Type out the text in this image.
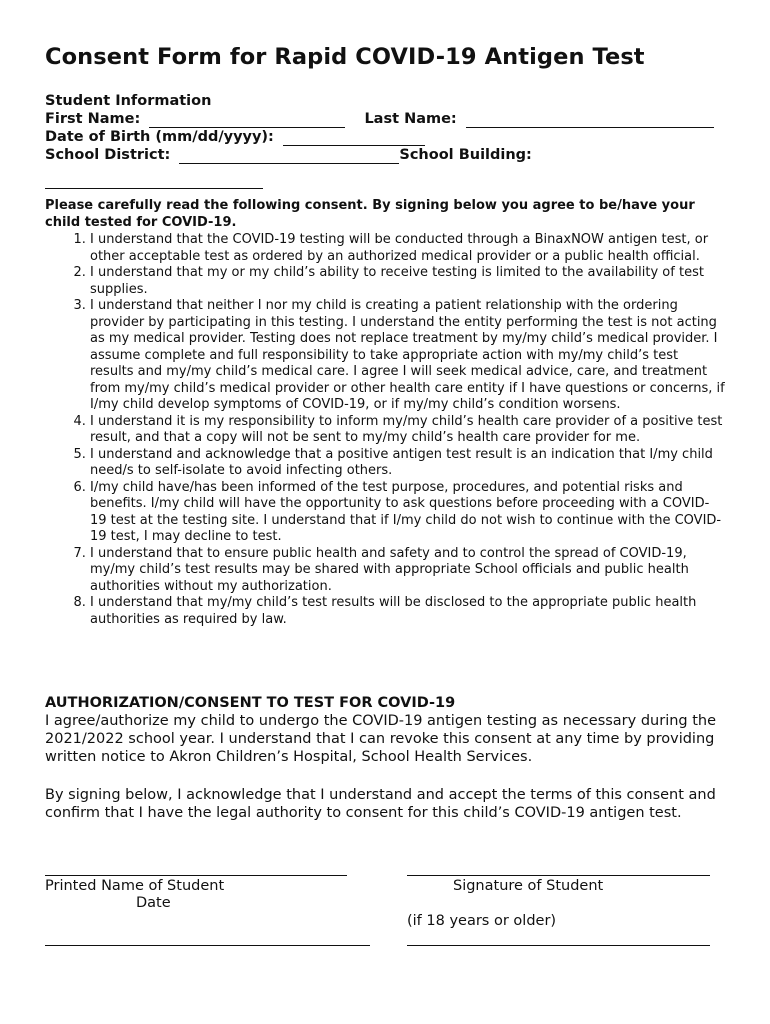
Consent Form for Rapid COVID-19 Antigen Test
Student Information
First Name:	Last Name:
Date of Birth (mm/dd/yyyy):
School District:	School Building:
Please carefully read the following consent. By signing below you agree to be/have your child tested for COVID-19.
1. I understand that the COVID-19 testing will be conducted through a BinaxNOW antigen test, or other acceptable test as ordered by an authorized medical provider or a public health official.
2. I understand that my or my child’s ability to receive testing is limited to the availability of test supplies.
3. I understand that neither I nor my child is creating a patient relationship with the ordering provider by participating in this testing. I understand the entity performing the test is not acting as my medical provider. Testing does not replace treatment by my/my child’s medical provider. I assume complete and full responsibility to take appropriate action with my/my child’s test results and my/my child’s medical care. I agree I will seek medical advice, care, and treatment from my/my child’s medical provider or other health care entity if I have questions or concerns, if I/my child develop symptoms of COVID-19, or if my/my child’s condition worsens.
4. I understand it is my responsibility to inform my/my child’s health care provider of a positive test result, and that a copy will not be sent to my/my child’s health care provider for me.
5. I understand and acknowledge that a positive antigen test result is an indication that I/my child need/s to self-isolate to avoid infecting others.
6. I/my child have/has been informed of the test purpose, procedures, and potential risks and benefits. I/my child will have the opportunity to ask questions before proceeding with a COVID-19 test at the testing site. I understand that if I/my child do not wish to continue with the COVID-19 test, I may decline to test.
7. I understand that to ensure public health and safety and to control the spread of COVID-19, my/my child’s test results may be shared with appropriate School officials and public health authorities without my authorization.
8. I understand that my/my child’s test results will be disclosed to the appropriate public health authorities as required by law.
AUTHORIZATION/CONSENT TO TEST FOR COVID-19

I agree/authorize my child to undergo the COVID-19 antigen testing as necessary during the 2021/2022 school year. I understand that I can revoke this consent at any time by providing written notice to Akron Children’s Hospital, School Health Services.

By signing below, I acknowledge that I understand and accept the terms of this consent and confirm that I have the legal authority to consent for this child’s COVID-19 antigen test.

Printed Name of Student	Signature of Student
Date
(if 18 years or older)
